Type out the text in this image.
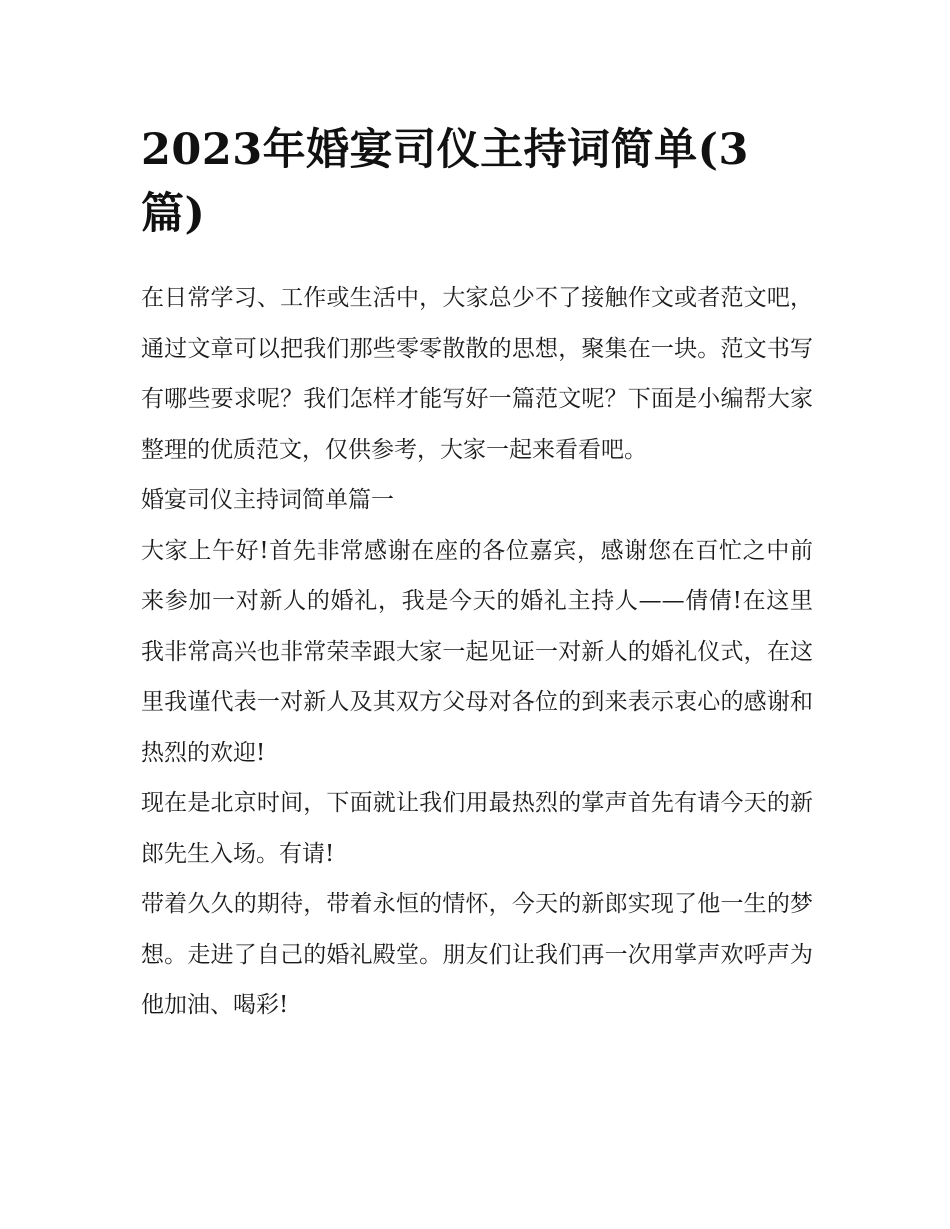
2023年婚宴司仪主持词简单(3篇)

在日常学习、工作或生活中，大家总少不了接触作文或者范文吧，通过文章可以把我们那些零零散散的思想，聚集在一块。范文书写有哪些要求呢？我们怎样才能写好一篇范文呢？下面是小编帮大家整理的优质范文，仅供参考，大家一起来看看吧。

婚宴司仪主持词简单篇一

大家上午好!首先非常感谢在座的各位嘉宾，感谢您在百忙之中前来参加一对新人的婚礼，我是今天的婚礼主持人——倩倩!在这里我非常高兴也非常荣幸跟大家一起见证一对新人的婚礼仪式，在这里我谨代表一对新人及其双方父母对各位的到来表示衷心的感谢和热烈的欢迎!

现在是北京时间，下面就让我们用最热烈的掌声首先有请今天的新郎先生入场。有请!

带着久久的期待，带着永恒的情怀，今天的新郎实现了他一生的梦想。走进了自己的婚礼殿堂。朋友们让我们再一次用掌声欢呼声为他加油、喝彩!
